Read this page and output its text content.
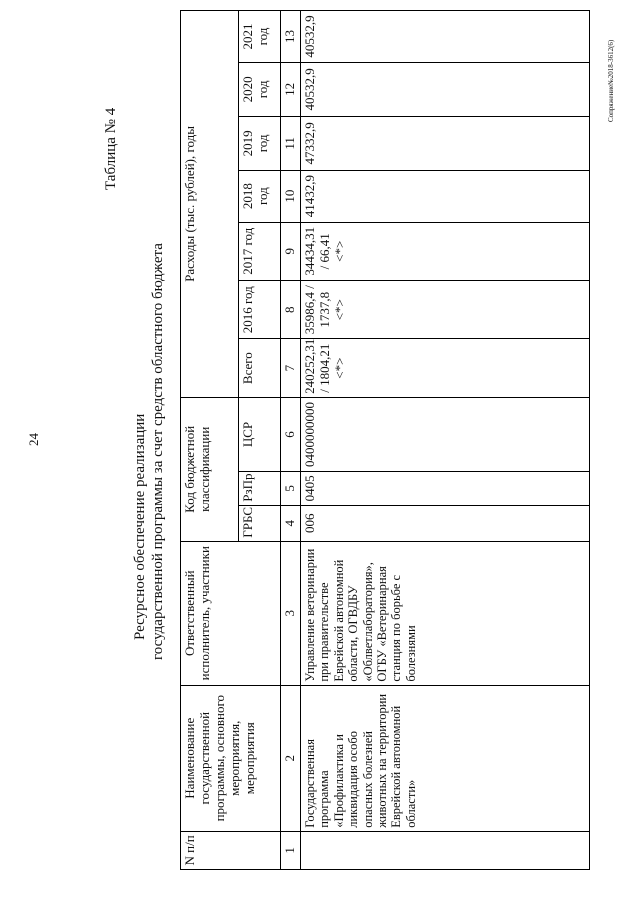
24	Ресурсное обеспечение реализации государственной программы за счет средств областного бюджета
Таблица № 4
Сопряжение№2018-3612(6)
N п/п	Наименование государственной программы, основного мероприятия, мероприятия	Ответственный исполнитель, участники	Код бюджетной классификации			Расходы (тыс. рублей), годы						
			ГРБС	РзПр	ЦСР	Всего	2016 год	2017 год	2018 год	2019 год	2020 год	2021 год
1	2	3	4	5	6	7	8	9	10	11	12	13
	Государственная программа «Профилактика и ликвидация особо опасных болезней животных на территории Еврейской автономной области»	Управление ветеринарии при правительстве Еврейской автономной области, ОГВДБУ «Облветлаборатория», ОГБУ «Ветеринарная станция по борьбе с болезнями	006	0405	0400000000	240252,31 / 1804,21 <*>	35986,4 / 1737,8 <*>	34434,31 / 66,41 <*>	41432,9	47332,9	40532,9	40532,9
